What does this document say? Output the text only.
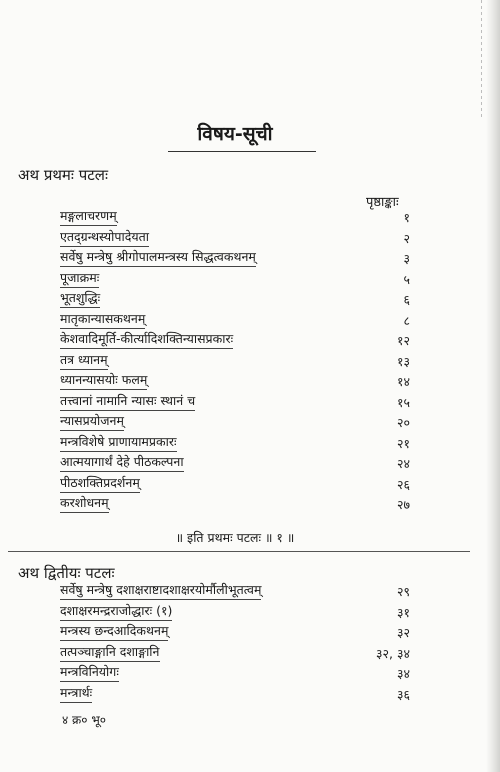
विषय-सूची
अथ प्रथमः पटलः
पृष्ठाङ्काः
मङ्गलाचरणम्	१
एतद्ग्रन्थस्योपादेयता	२
सर्वेषु मन्त्रेषु श्रीगोपालमन्त्रस्य सिद्धत्वकथनम्	३
पूजाक्रमः	५
भूतशुद्धिः	६
मातृकान्यासकथनम्	८
केशवादिमूर्ति-कीर्त्यादिशक्तिन्यासप्रकारः	१२
तत्र ध्यानम्	१३
ध्यानन्यासयोः फलम्	१४
तत्त्वानां नामानि न्यासः स्थानं च	१५
न्यासप्रयोजनम्	२०
मन्त्रविशेषे प्राणायामप्रकारः	२१
आत्मयागार्थं देहे पीठकल्पना	२४
पीठशक्तिप्रदर्शनम्	२६
करशोधनम्	२७
॥ इति प्रथमः पटलः ॥ १ ॥
अथ द्वितीयः पटलः
सर्वेषु मन्त्रेषु दशाक्षराष्टादशाक्षरयोर्मौलीभूतत्वम्	२९
दशाक्षरमन्द्रराजोद्धारः (१)	३१
मन्त्रस्य छन्दआदिकथनम्	३२
तत्पञ्चाङ्गानि दशाङ्गानि	३२, ३४
मन्त्रविनियोगः	३४
मन्त्रार्थः	३६
४ क्र० भू०
